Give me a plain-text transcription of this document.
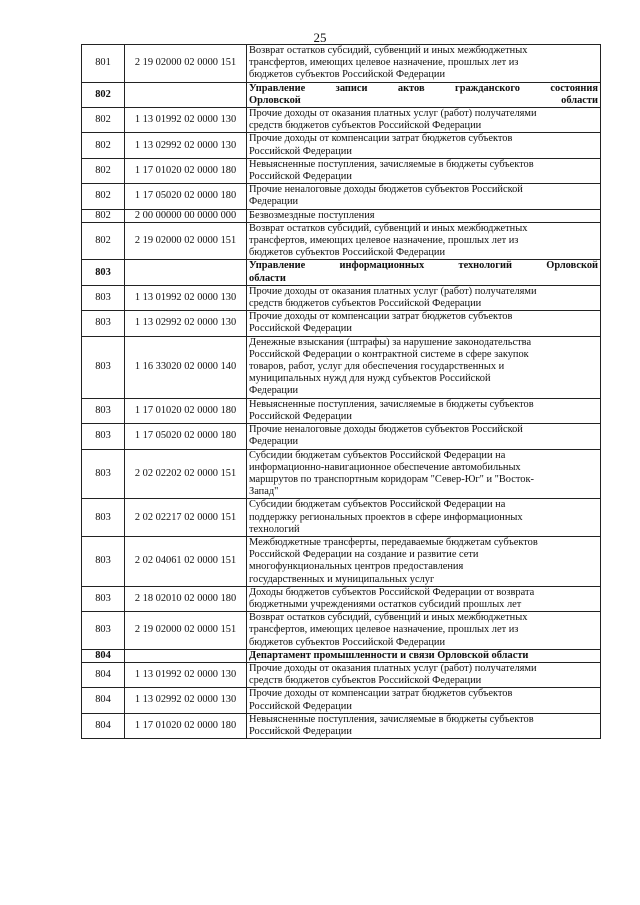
25
801	2 19 02000 02 0000 151	Возврат остатков субсидий, субвенций и иных межбюджетных
трансфертов, имеющих целевое назначение, прошлых лет из
бюджетов субъектов Российской Федерации

802		Управление записи актов гражданского состояния
Орловской области

802	1 13 01992 02 0000 130	Прочие доходы от оказания платных услуг (работ) получателями
средств бюджетов субъектов Российской Федерации

802	1 13 02992 02 0000 130	Прочие доходы от компенсации затрат бюджетов субъектов
Российской Федерации

802	1 17 01020 02 0000 180	Невыясненные поступления, зачисляемые в бюджеты субъектов
Российской Федерации

802	1 17 05020 02 0000 180	Прочие неналоговые доходы бюджетов субъектов Российской
Федерации

802	2 00 00000 00 0000 000	Безвозмездные поступления

802	2 19 02000 02 0000 151	Возврат остатков субсидий, субвенций и иных межбюджетных
трансфертов, имеющих целевое назначение, прошлых лет из
бюджетов субъектов Российской Федерации

803		Управление информационных технологий Орловской
области

803	1 13 01992 02 0000 130	Прочие доходы от оказания платных услуг (работ) получателями
средств бюджетов субъектов Российской Федерации

803	1 13 02992 02 0000 130	Прочие доходы от компенсации затрат бюджетов субъектов
Российской Федерации

803	1 16 33020 02 0000 140	Денежные взыскания (штрафы) за нарушение законодательства
Российской Федерации о контрактной системе в сфере закупок
товаров, работ, услуг для обеспечения государственных и
муниципальных нужд для нужд субъектов Российской
Федерации

803	1 17 01020 02 0000 180	Невыясненные поступления, зачисляемые в бюджеты субъектов
Российской Федерации

803	1 17 05020 02 0000 180	Прочие неналоговые доходы бюджетов субъектов Российской
Федерации

803	2 02 02202 02 0000 151	Субсидии бюджетам субъектов Российской Федерации на
информационно-навигационное обеспечение автомобильных
маршрутов по транспортным коридорам "Север-Юг" и "Восток-
Запад"

803	2 02 02217 02 0000 151	Субсидии бюджетам субъектов Российской Федерации на
поддержку региональных проектов в сфере информационных
технологий

803	2 02 04061 02 0000 151	Межбюджетные трансферты, передаваемые бюджетам субъектов
Российской Федерации на создание и развитие сети
многофункциональных центров предоставления
государственных и муниципальных услуг

803	2 18 02010 02 0000 180	Доходы бюджетов субъектов Российской Федерации от возврата
бюджетными учреждениями остатков субсидий прошлых лет

803	2 19 02000 02 0000 151	Возврат остатков субсидий, субвенций и иных межбюджетных
трансфертов, имеющих целевое назначение, прошлых лет из
бюджетов субъектов Российской Федерации

804		Департамент промышленности и связи Орловской области

804	1 13 01992 02 0000 130	Прочие доходы от оказания платных услуг (работ) получателями
средств бюджетов субъектов Российской Федерации

804	1 13 02992 02 0000 130	Прочие доходы от компенсации затрат бюджетов субъектов
Российской Федерации

804	1 17 01020 02 0000 180	Невыясненные поступления, зачисляемые в бюджеты субъектов
Российской Федерации
